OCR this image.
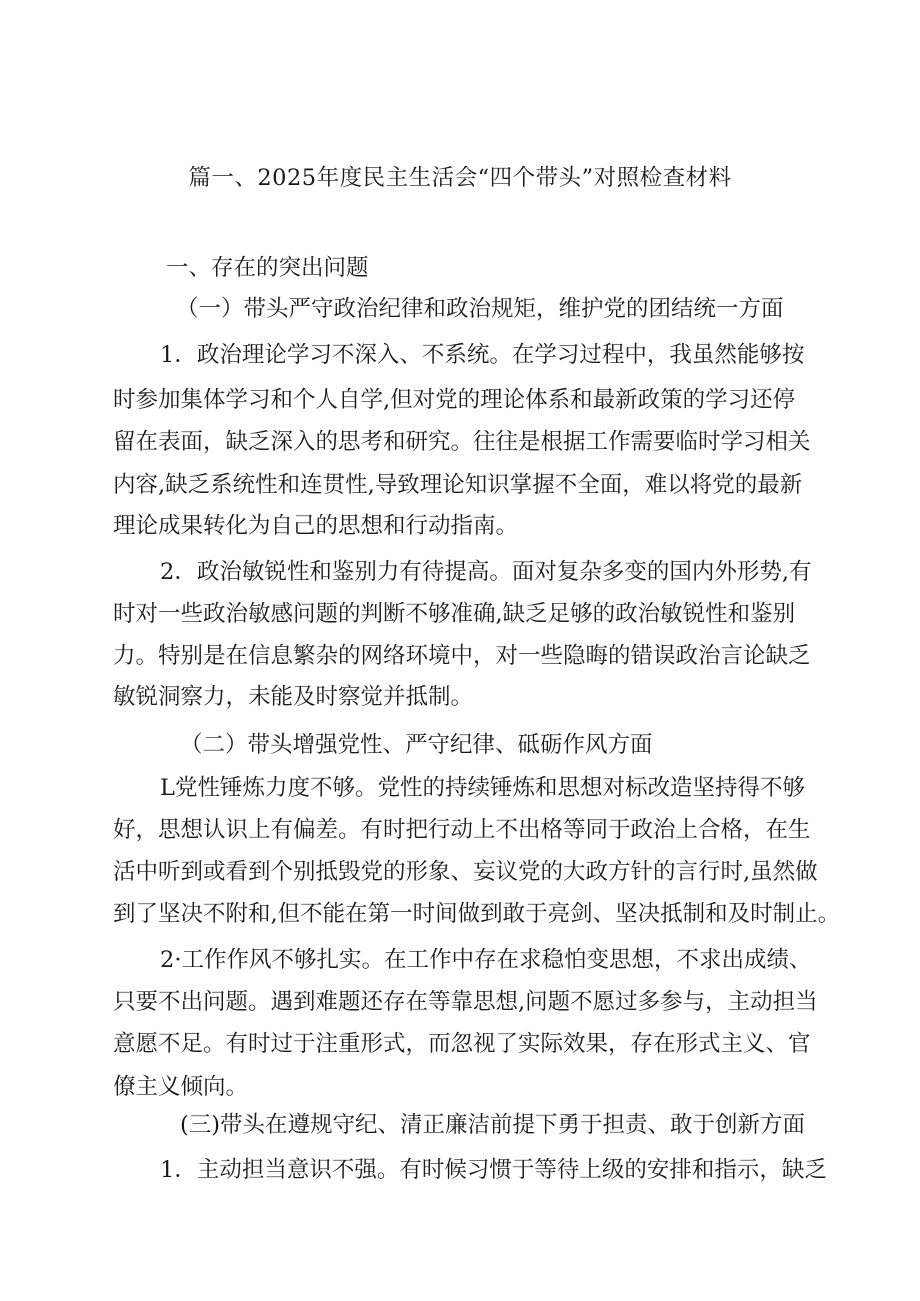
篇一、2025年度民主生活会“四个带头”对照检查材料
一、存在的突出问题
（一）带头严守政治纪律和政治规矩，维护党的团结统一方面
1．政治理论学习不深入、不系统。在学习过程中，我虽然能够按
时参加集体学习和个人自学,但对党的理论体系和最新政策的学习还停
留在表面，缺乏深入的思考和研究。往往是根据工作需要临时学习相关
内容,缺乏系统性和连贯性,导致理论知识掌握不全面，难以将党的最新
理论成果转化为自己的思想和行动指南。
2．政治敏锐性和鉴别力有待提高。面对复杂多变的国内外形势,有
时对一些政治敏感问题的判断不够准确,缺乏足够的政治敏锐性和鉴别
力。特别是在信息繁杂的网络环境中，对一些隐晦的错误政治言论缺乏
敏锐洞察力，未能及时察觉并抵制。
（二）带头增强党性、严守纪律、砥砺作风方面
L党性锤炼力度不够。党性的持续锤炼和思想对标改造坚持得不够
好，思想认识上有偏差。有时把行动上不出格等同于政治上合格，在生
活中听到或看到个别抵毁党的形象、妄议党的大政方针的言行时,虽然做
到了坚决不附和,但不能在第一时间做到敢于亮剑、坚决抵制和及时制止。
2·工作作风不够扎实。在工作中存在求稳怕变思想，不求出成绩、
只要不出问题。遇到难题还存在等靠思想,问题不愿过多参与，主动担当
意愿不足。有时过于注重形式，而忽视了实际效果，存在形式主义、官
僚主义倾向。
(三)带头在遵规守纪、清正廉洁前提下勇于担责、敢于创新方面
1．主动担当意识不强。有时候习惯于等待上级的安排和指示，缺乏
